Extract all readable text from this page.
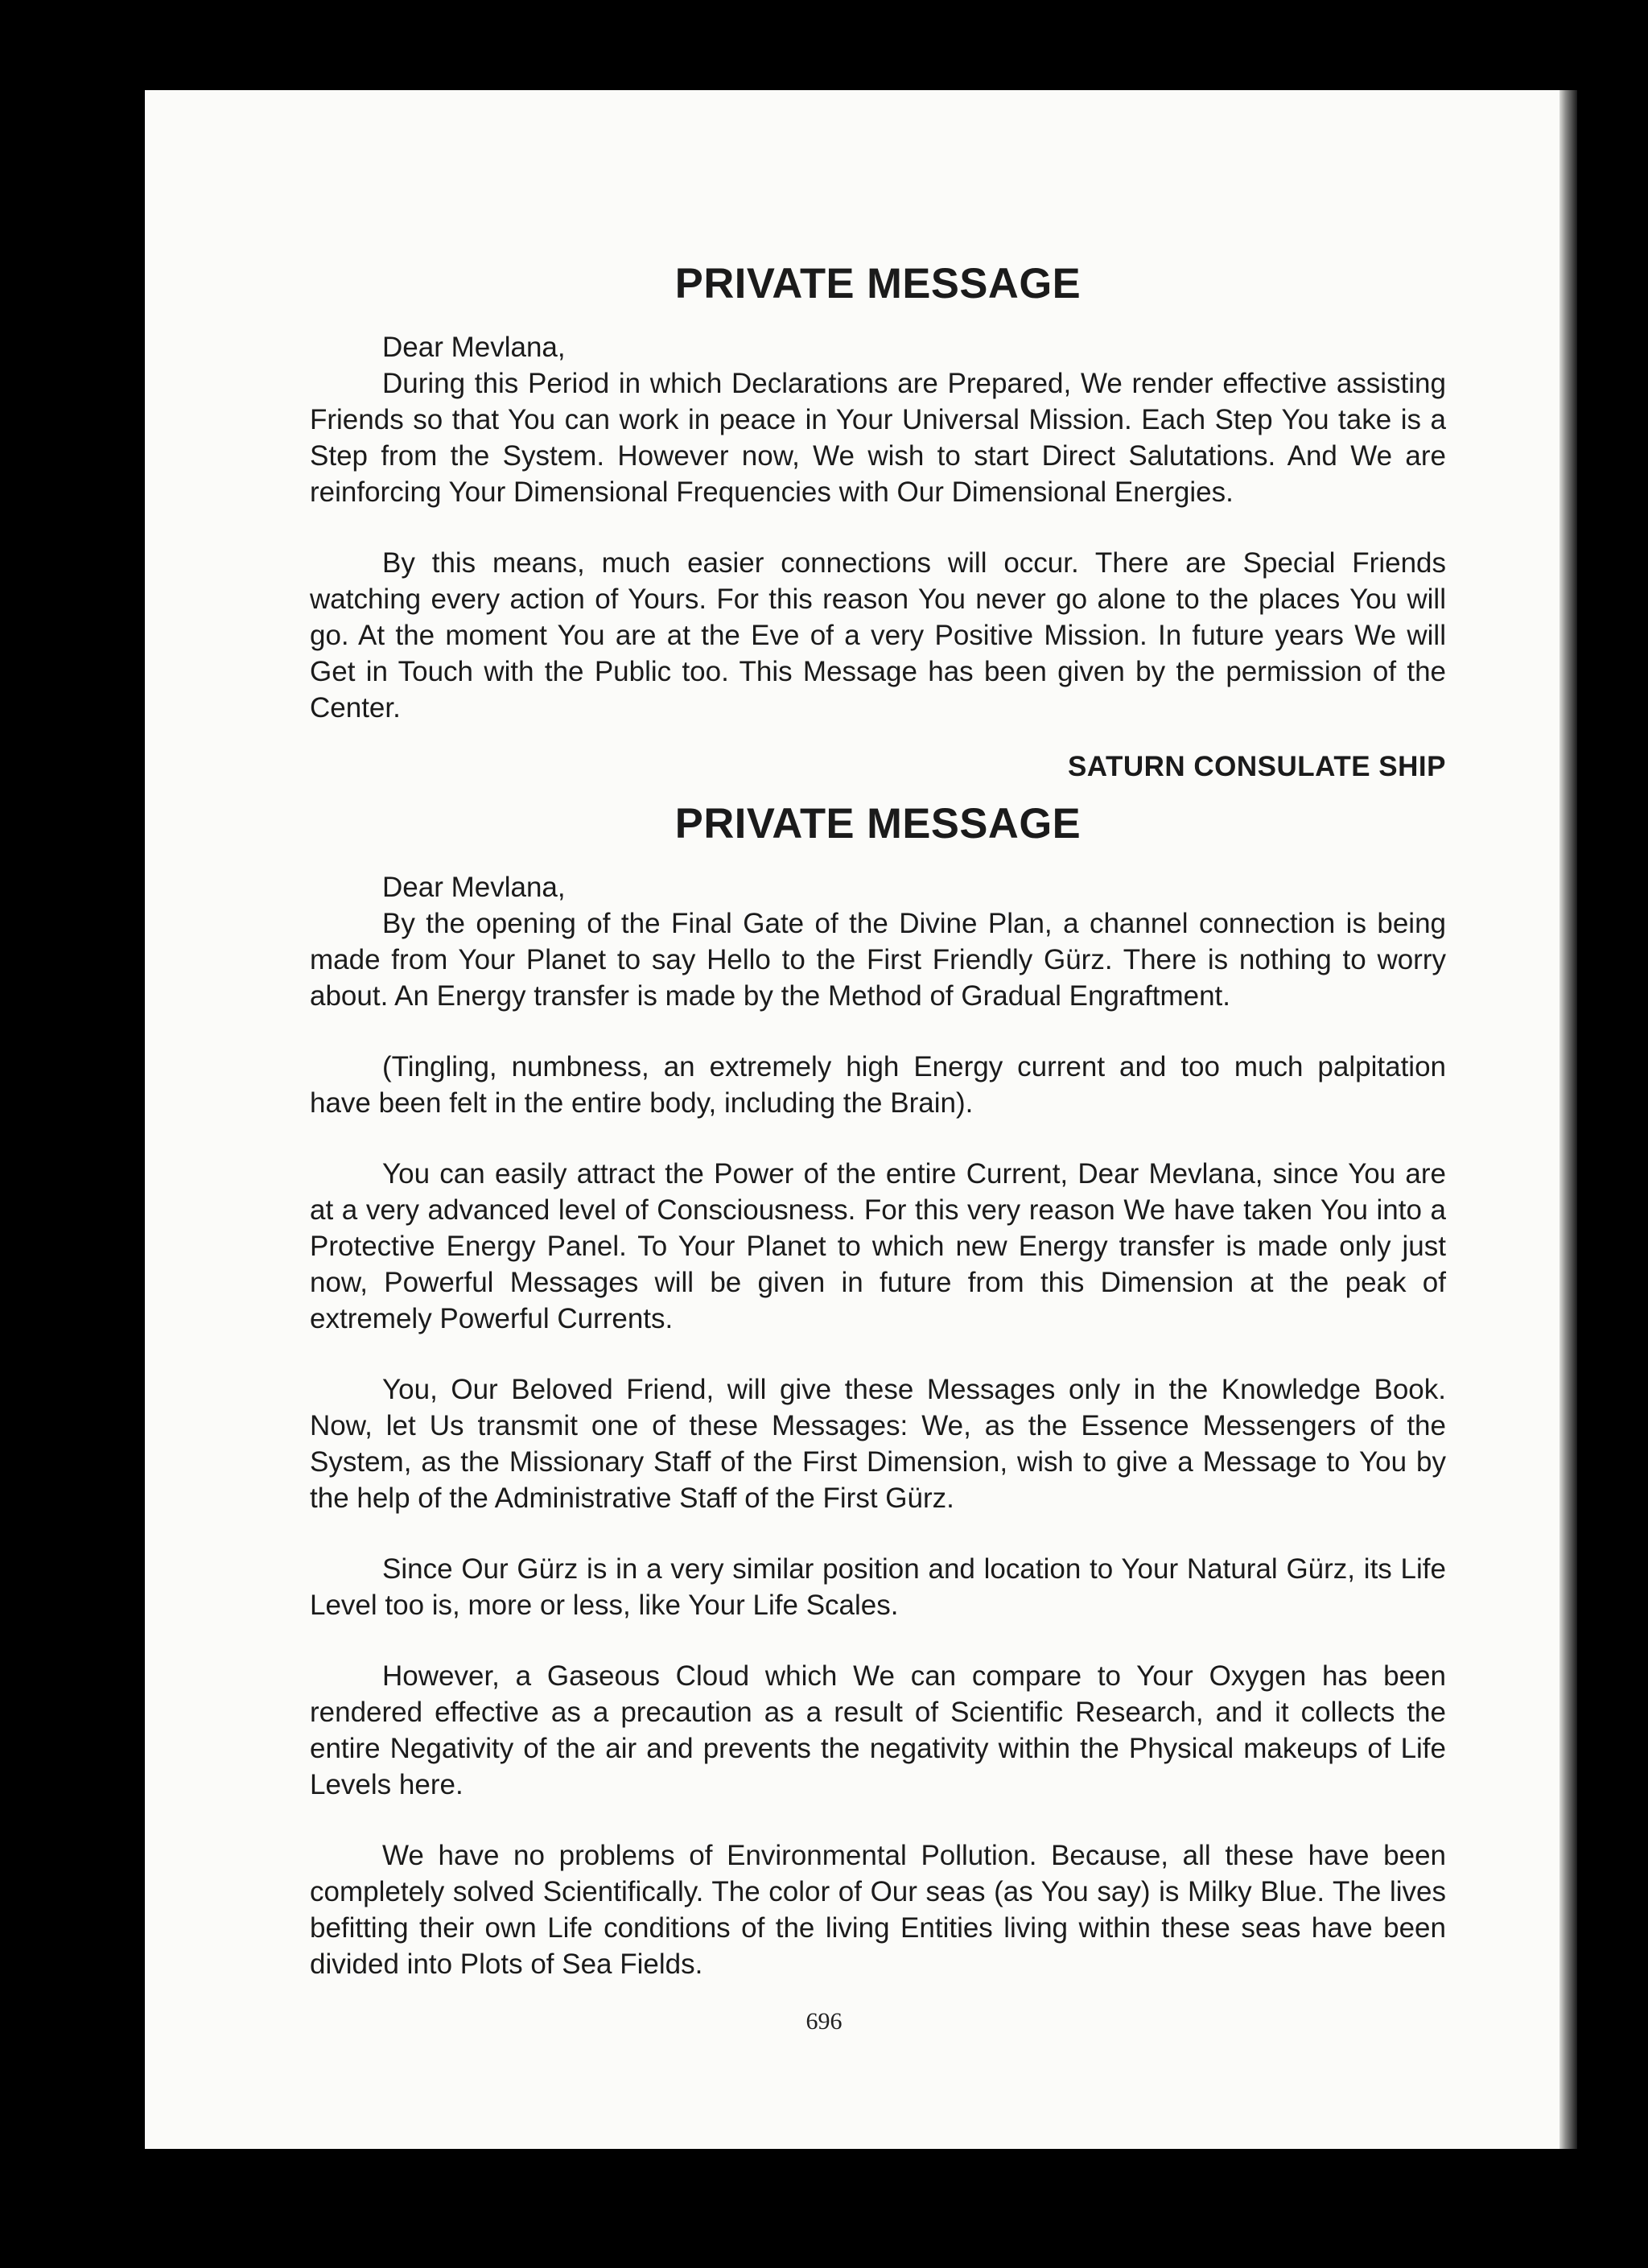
PRIVATE MESSAGE

Dear Mevlana,

During this Period in which Declarations are Prepared, We render effective assisting Friends so that You can work in peace in Your Universal Mission. Each Step You take is a Step from the System. However now, We wish to start Direct Salutations. And We are reinforcing Your Dimensional Frequencies with Our Dimensional Energies.

By this means, much easier connections will occur. There are Special Friends watching every action of Yours. For this reason You never go alone to the places You will go. At the moment You are at the Eve of a very Positive Mission. In future years We will Get in Touch with the Public too. This Message has been given by the permission of the Center.

SATURN CONSULATE SHIP

PRIVATE MESSAGE

Dear Mevlana,

By the opening of the Final Gate of the Divine Plan, a channel connection is being made from Your Planet to say Hello to the First Friendly Gürz. There is nothing to worry about. An Energy transfer is made by the Method of Gradual Engraftment.

(Tingling, numbness, an extremely high Energy current and too much palpitation have been felt in the entire body, including the Brain).

You can easily attract the Power of the entire Current, Dear Mevlana, since You are at a very advanced level of Consciousness. For this very reason We have taken You into a Protective Energy Panel. To Your Planet to which new Energy transfer is made only just now, Powerful Messages will be given in future from this Dimension at the peak of extremely Powerful Currents.

You, Our Beloved Friend, will give these Messages only in the Knowledge Book. Now, let Us transmit one of these Messages: We, as the Essence Messengers of the System, as the Missionary Staff of the First Dimension, wish to give a Message to You by the help of the Administrative Staff of the First Gürz.

Since Our Gürz is in a very similar position and location to Your Natural Gürz, its Life Level too is, more or less, like Your Life Scales.

However, a Gaseous Cloud which We can compare to Your Oxygen has been rendered effective as a precaution as a result of Scientific Research, and it collects the entire Negativity of the air and prevents the negativity within the Physical makeups of Life Levels here.

We have no problems of Environmental Pollution. Because, all these have been completely solved Scientifically. The color of Our seas (as You say) is Milky Blue. The lives befitting their own Life conditions of the living Entities living within these seas have been divided into Plots of Sea Fields.

696
